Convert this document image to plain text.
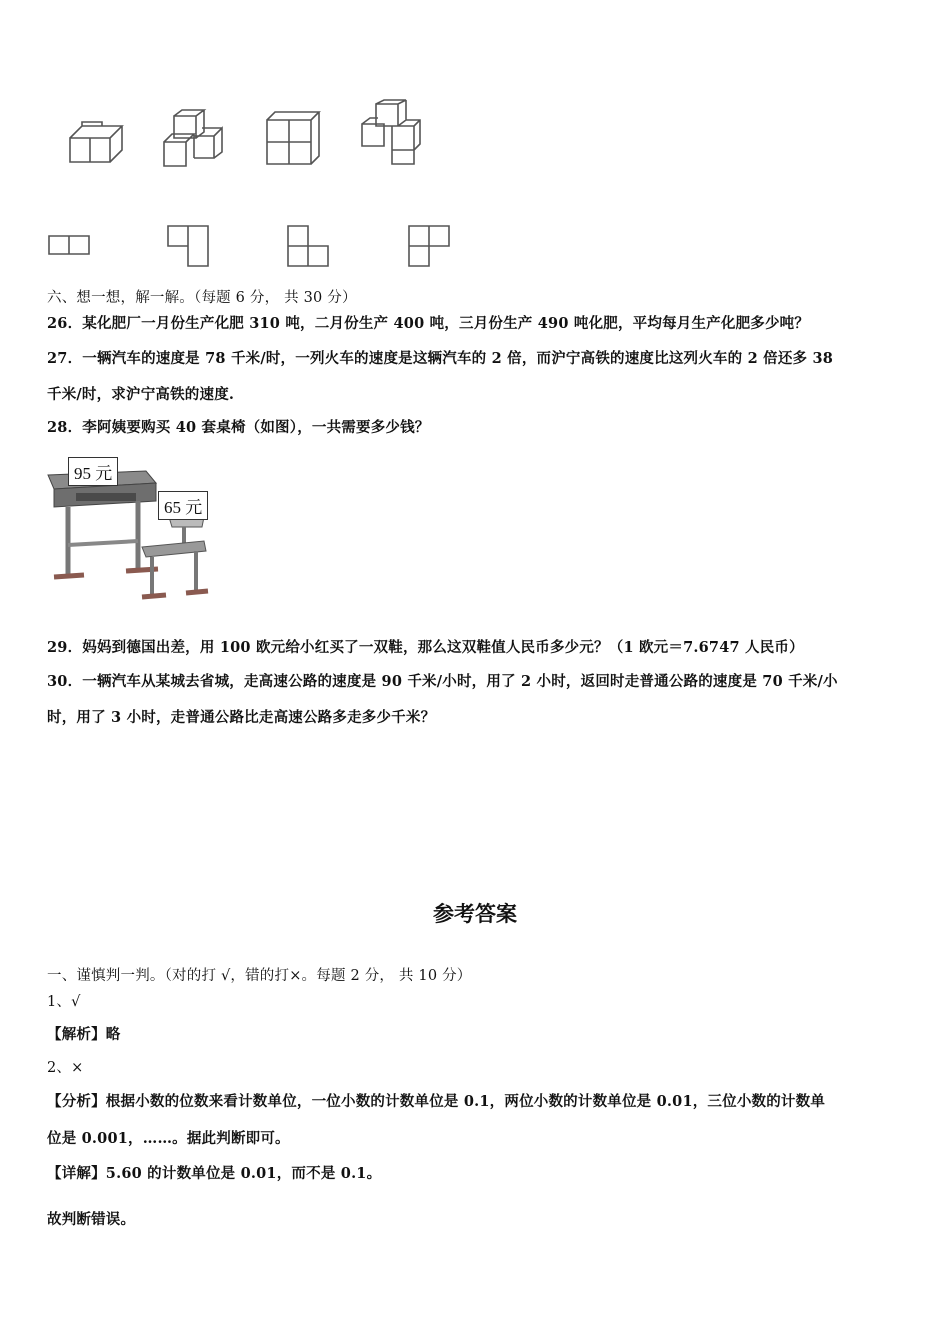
六、想一想，解一解。（每题 6 分， 共 30 分）
26．某化肥厂一月份生产化肥 310 吨，二月份生产 400 吨，三月份生产 490 吨化肥，平均每月生产化肥多少吨？
27．一辆汽车的速度是 78 千米/时，一列火车的速度是这辆汽车的 2 倍，而沪宁高铁的速度比这列火车的 2 倍还多 38
千米/时，求沪宁高铁的速度.
28．李阿姨要购买 40 套桌椅（如图），一共需要多少钱？
95 元
65 元
29．妈妈到德国出差，用 100 欧元给小红买了一双鞋，那么这双鞋值人民币多少元？（1 欧元＝7.6747 人民币）
30．一辆汽车从某城去省城，走高速公路的速度是 90 千米/小时，用了 2 小时，返回时走普通公路的速度是 70 千米/小
时，用了 3 小时，走普通公路比走高速公路多走多少千米？
参考答案
一、谨慎判一判。（对的打 √，错的打×。每题 2 分， 共 10 分）
1、√
【解析】略
2、×
【分析】根据小数的位数来看计数单位，一位小数的计数单位是 0.1，两位小数的计数单位是 0.01，三位小数的计数单
位是 0.001，……。据此判断即可。
【详解】5.60 的计数单位是 0.01，而不是 0.1。
故判断错误。
